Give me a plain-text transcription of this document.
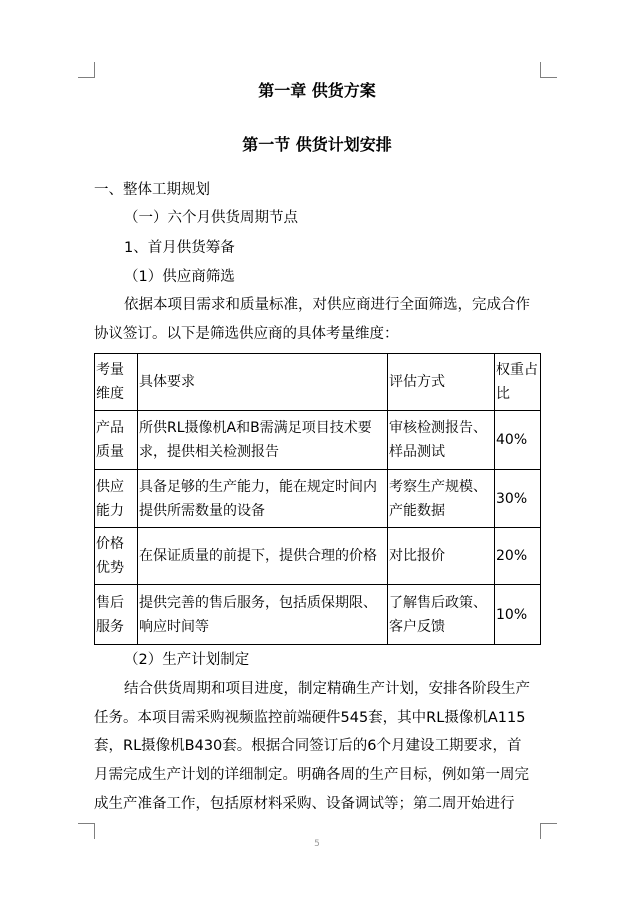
第一章 供货方案
第一节 供货计划安排
一、整体工期规划
（一）六个月供货周期节点
1、首月供货筹备
（1）供应商筛选
依据本项目需求和质量标准，对供应商进行全面筛选，完成合作
协议签订。以下是筛选供应商的具体考量维度：
考量维度	具体要求	评估方式	权重占比
产品质量	所供RL摄像机A和B需满足项目技术要求，提供相关检测报告	审核检测报告、样品测试	40%
供应能力	具备足够的生产能力，能在规定时间内提供所需数量的设备	考察生产规模、产能数据	30%
价格优势	在保证质量的前提下，提供合理的价格	对比报价	20%
售后服务	提供完善的售后服务，包括质保期限、响应时间等	了解售后政策、客户反馈	10%
（2）生产计划制定
结合供货周期和项目进度，制定精确生产计划，安排各阶段生产
任务。本项目需采购视频监控前端硬件545套，其中RL摄像机A115
套，RL摄像机B430套。根据合同签订后的6个月建设工期要求，首
月需完成生产计划的详细制定。明确各周的生产目标，例如第一周完
成生产准备工作，包括原材料采购、设备调试等；第二周开始进行
5
